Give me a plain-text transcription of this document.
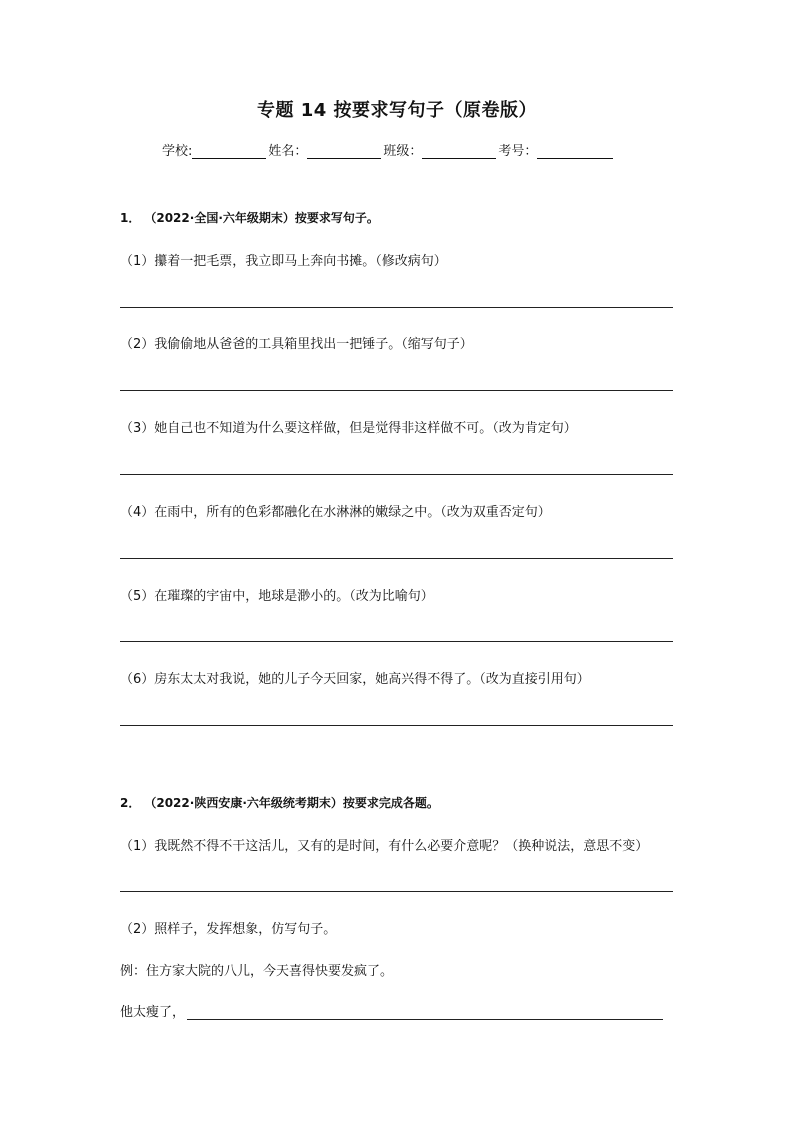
专题 14 按要求写句子（原卷版）
学校:	姓名：	班级：	考号：
1． （2022·全国·六年级期末）按要求写句子。
（1）攥着一把毛票，我立即马上奔向书摊。（修改病句）
（2）我偷偷地从爸爸的工具箱里找出一把锤子。（缩写句子）
（3）她自己也不知道为什么要这样做，但是觉得非这样做不可。（改为肯定句）
（4）在雨中，所有的色彩都融化在水淋淋的嫩绿之中。（改为双重否定句）
（5）在璀璨的宇宙中，地球是渺小的。（改为比喻句）
（6）房东太太对我说，她的儿子今天回家，她高兴得不得了。（改为直接引用句）
2． （2022·陕西安康·六年级统考期末）按要求完成各题。
（1）我既然不得不干这活儿，又有的是时间，有什么必要介意呢？（换种说法，意思不变）
（2）照样子，发挥想象，仿写句子。
例：住方家大院的八儿，今天喜得快要发疯了。
他太瘦了，
